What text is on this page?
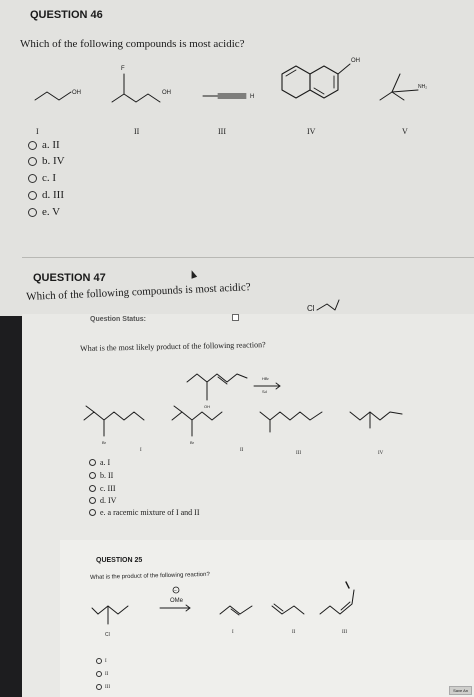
QUESTION 46
Which of the following compounds is most acidic?
OH
F
OH
H
OH
NH₂
I	II	III	IV	V
a. II
b. IV
c. I
d. III
e. V
QUESTION 47
Which of the following compounds is most acidic?
Cl
Question Status:
What is the most likely product of the following reaction?
OH
HBr
SₙI
Br	Br
I	II
III	IV
a. I
b. II
c. III
d. IV
e. a racemic mixture of I and II
QUESTION 25
What is the product of the following reaction?
Cl
−
OMe
I	II	III
I
II
III
Save An
